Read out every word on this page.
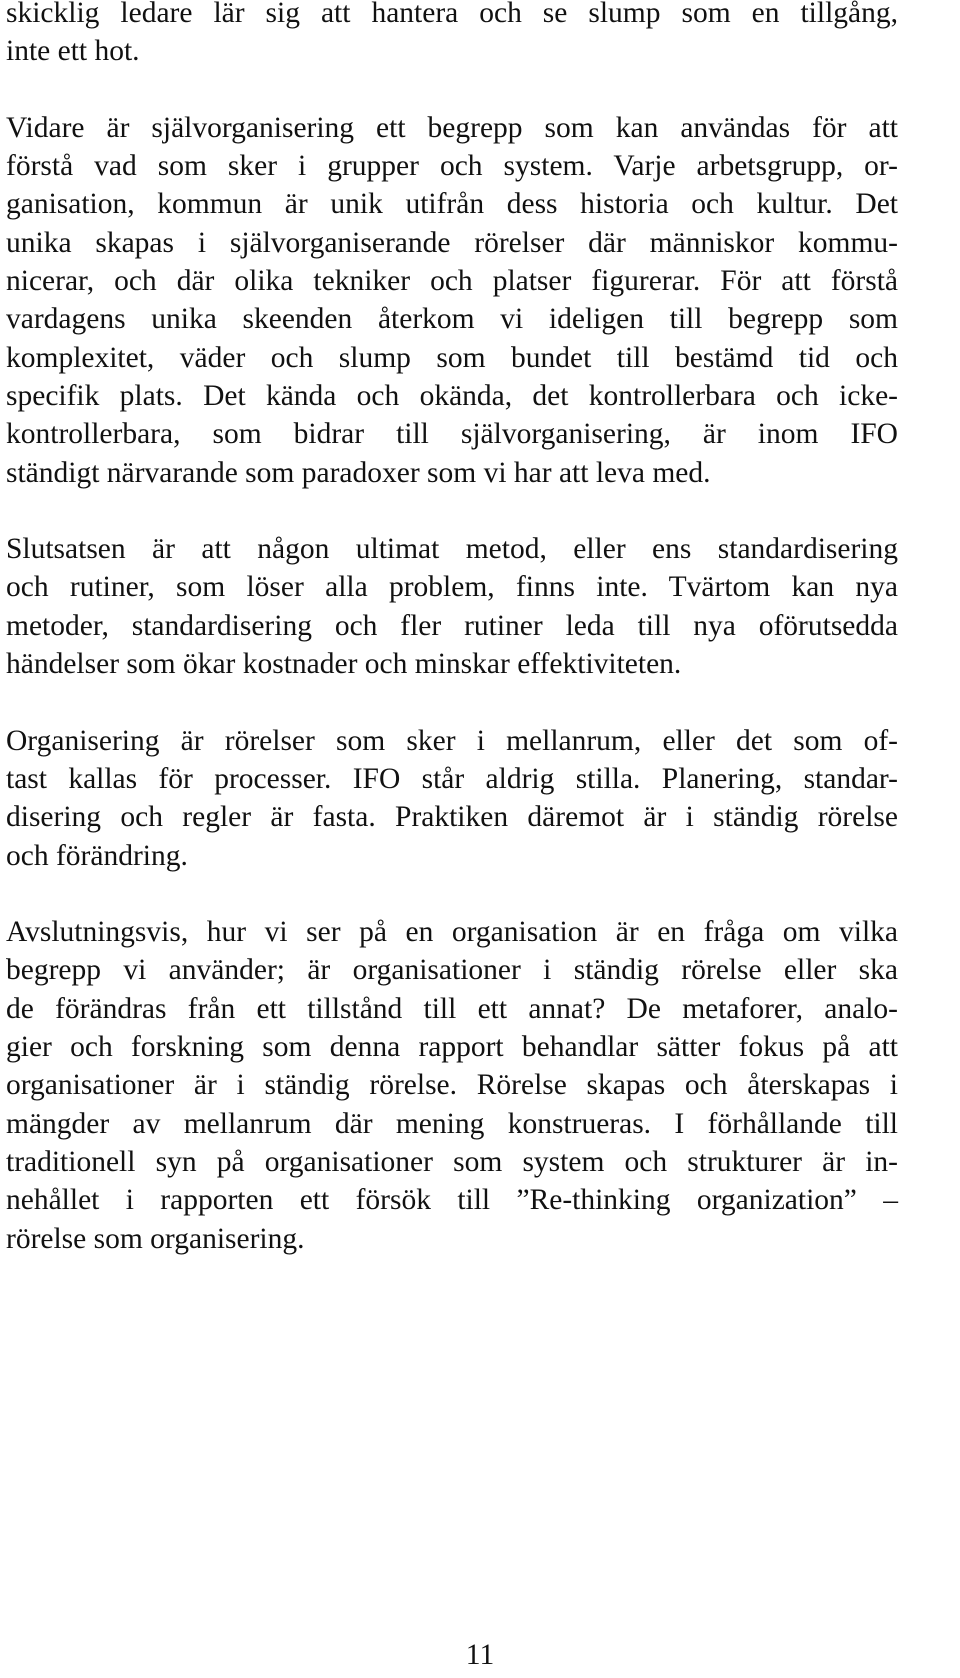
skicklig ledare lär sig att hantera och se slump som en tillgång,
inte ett hot.

Vidare är självorganisering ett begrepp som kan användas för att
förstå vad som sker i grupper och system. Varje arbetsgrupp, or-
ganisation, kommun är unik utifrån dess historia och kultur. Det
unika skapas i självorganiserande rörelser där människor kommu-
nicerar, och där olika tekniker och platser figurerar. För att förstå
vardagens unika skeenden återkom vi ideligen till begrepp som
komplexitet, väder och slump som bundet till bestämd tid och
specifik plats. Det kända och okända, det kontrollerbara och icke-
kontrollerbara, som bidrar till självorganisering, är inom IFO
ständigt närvarande som paradoxer som vi har att leva med.

Slutsatsen är att någon ultimat metod, eller ens standardisering
och rutiner, som löser alla problem, finns inte. Tvärtom kan nya
metoder, standardisering och fler rutiner leda till nya oförutsedda
händelser som ökar kostnader och minskar effektiviteten.

Organisering är rörelser som sker i mellanrum, eller det som of-
tast kallas för processer. IFO står aldrig stilla. Planering, standar-
disering och regler är fasta. Praktiken däremot är i ständig rörelse
och förändring.

Avslutningsvis, hur vi ser på en organisation är en fråga om vilka
begrepp vi använder; är organisationer i ständig rörelse eller ska
de förändras från ett tillstånd till ett annat? De metaforer, analo-
gier och forskning som denna rapport behandlar sätter fokus på att
organisationer är i ständig rörelse. Rörelse skapas och återskapas i
mängder av mellanrum där mening konstrueras. I förhållande till
traditionell syn på organisationer som system och strukturer är in-
nehållet i rapporten ett försök till ”Re-thinking organization” –
rörelse som organisering.

11
